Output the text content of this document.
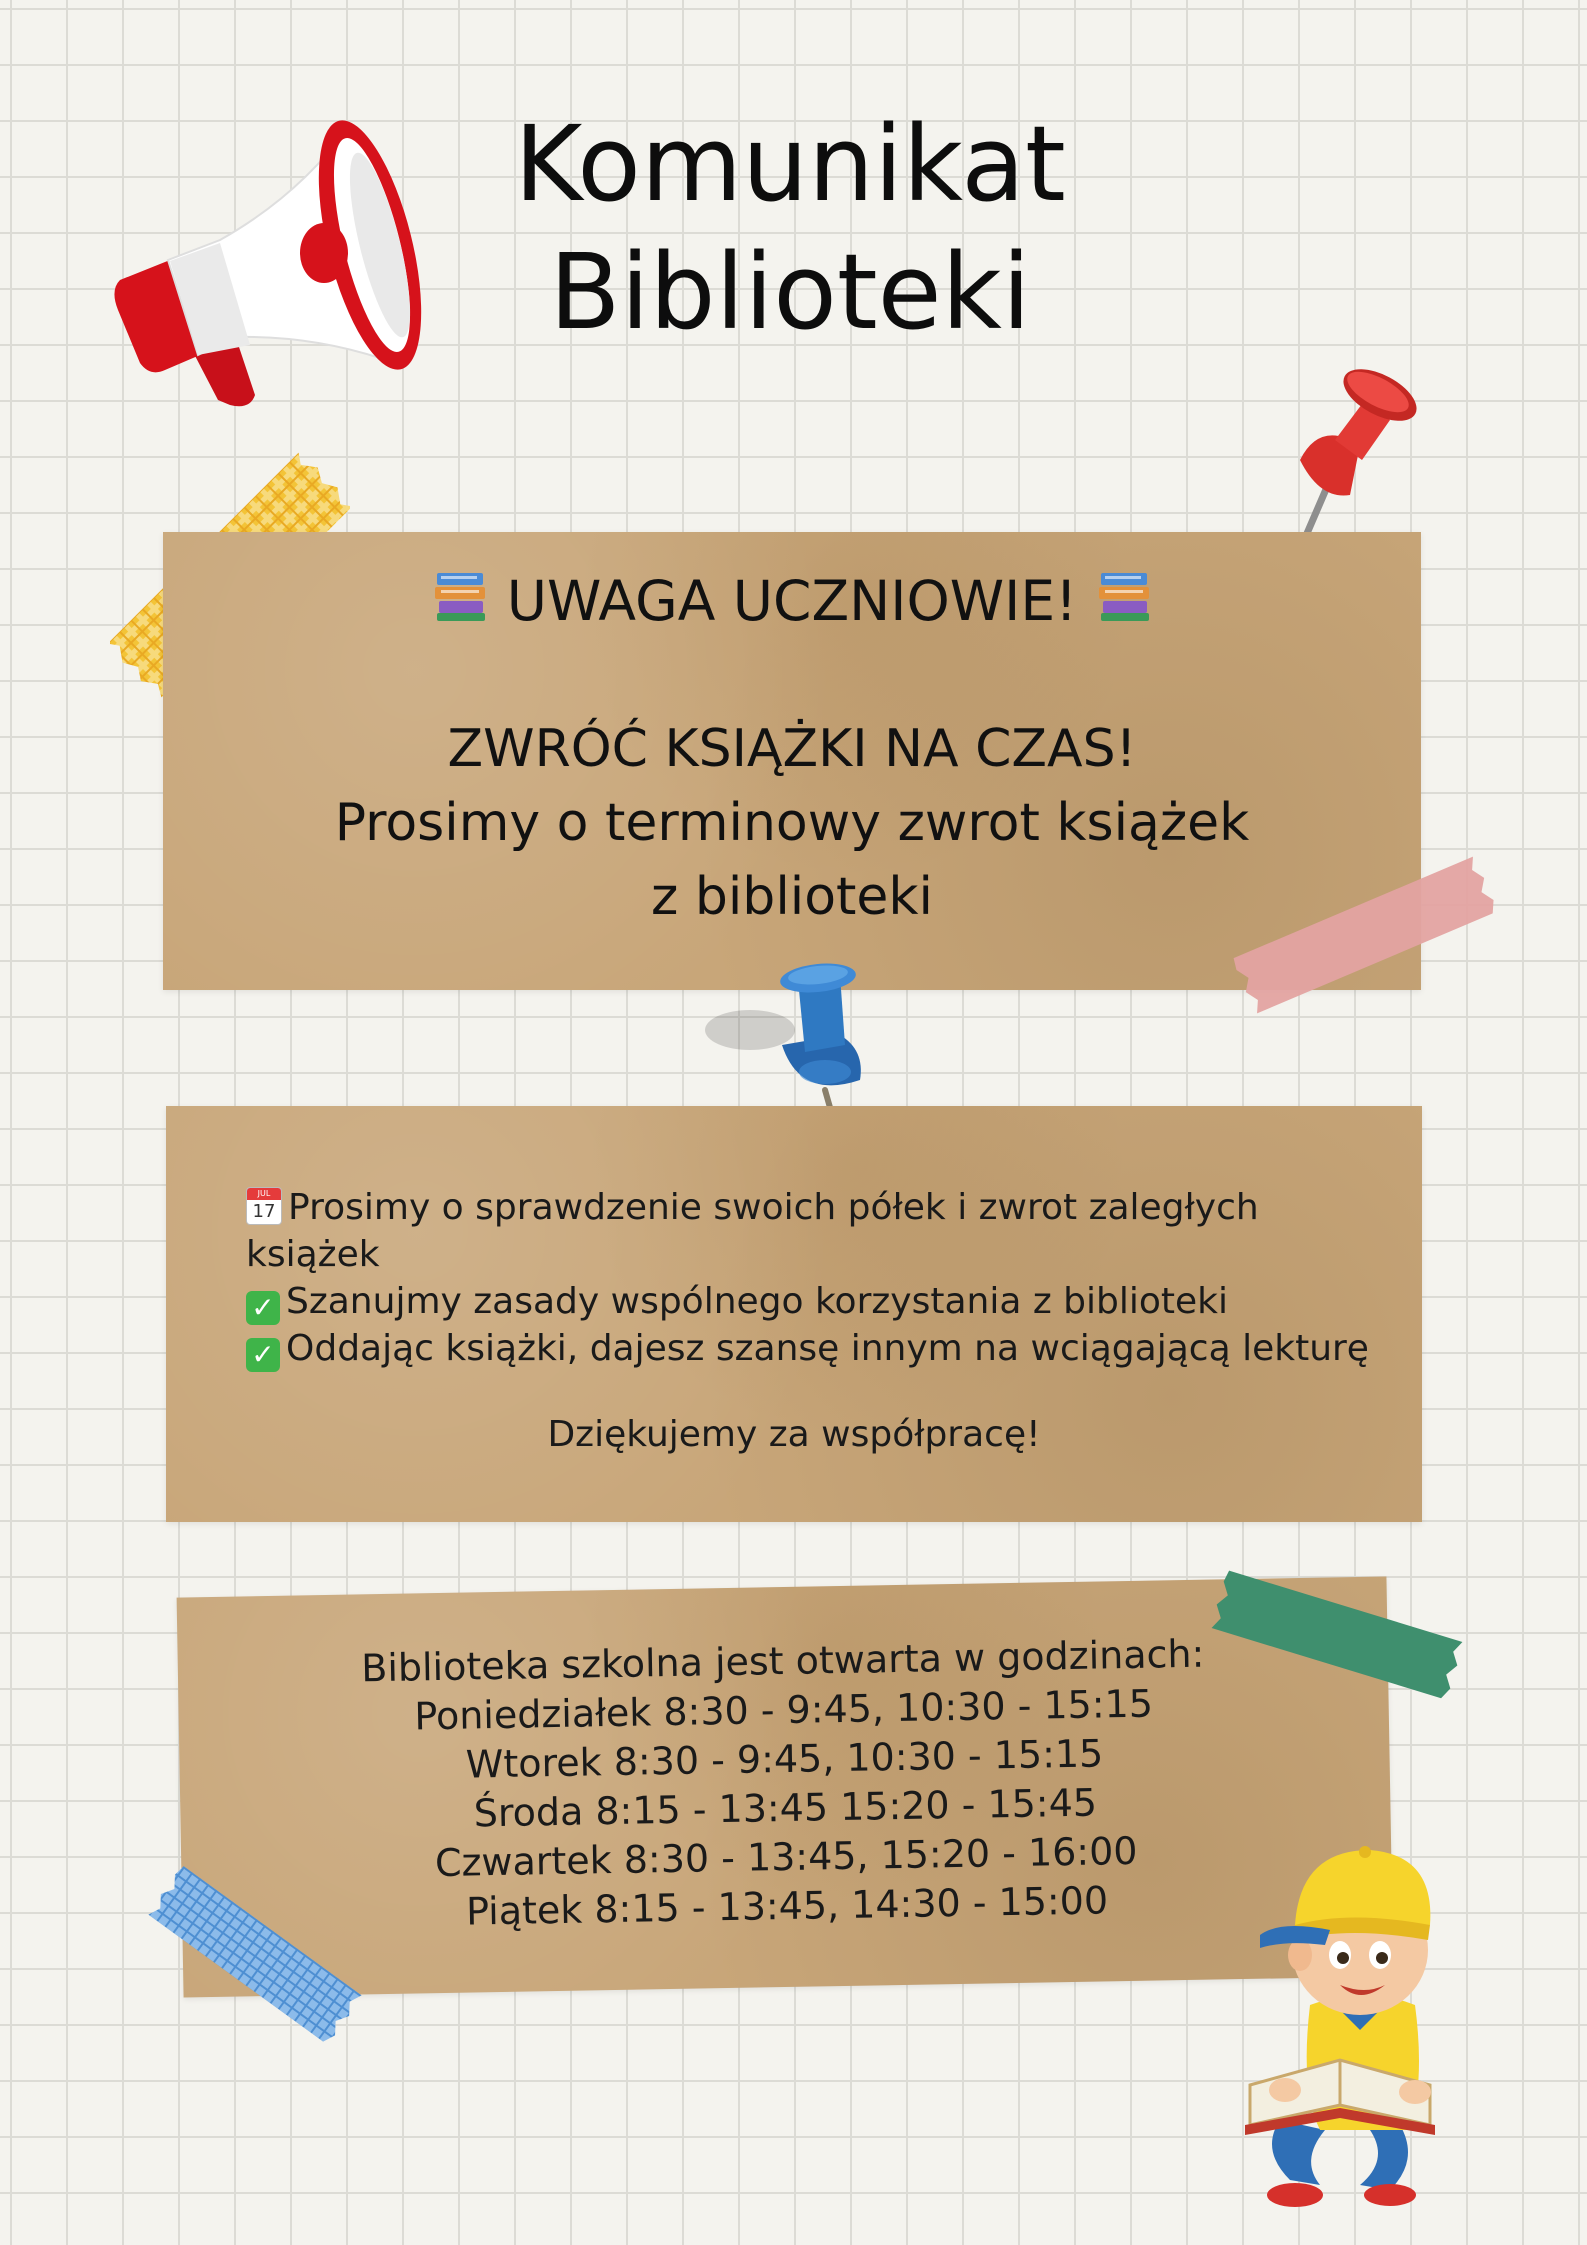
Komunikat
Biblioteki
UWAGA UCZNIOWIE!
ZWRÓĆ KSIĄŻKI NA CZAS!
Prosimy o terminowy zwrot książek
z biblioteki
JUL
17 Prosimy o sprawdzenie swoich półek i zwrot zaległych
książek
✓ Szanujmy zasady wspólnego korzystania z biblioteki
✓ Oddając książki, dajesz szansę innym na wciągającą lekturę
Dziękujemy za współpracę!
Biblioteka szkolna jest otwarta w godzinach:
Poniedziałek 8:30 - 9:45, 10:30 - 15:15
Wtorek 8:30 - 9:45, 10:30 - 15:15
Środa 8:15 - 13:45 15:20 - 15:45
Czwartek 8:30 - 13:45, 15:20 - 16:00
Piątek 8:15 - 13:45, 14:30 - 15:00
